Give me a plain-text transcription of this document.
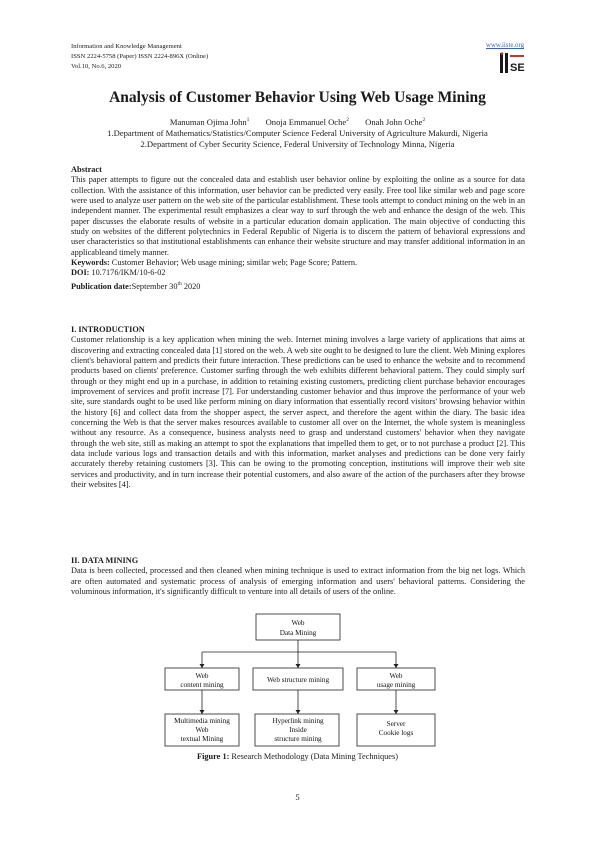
Information and Knowledge Management
ISSN 2224-5758 (Paper) ISSN 2224-896X (Online)
Vol.10, No.6, 2020
www.iiste.org
SE
Analysis of Customer Behavior Using Web Usage Mining
Manuman Ojima John$^1$ Onoja Emmanuel Oche$^2$ Onah John Oche$^2$
1.Department of Mathematics/Statistics/Computer Science Federal University of Agriculture Makurdi, Nigeria
2.Department of Cyber Security Science, Federal University of Technology Minna, Nigeria
Abstract

This paper attempts to figure out the concealed data and establish user behavior online by exploiting the online as a source for data collection. With the assistance of this information, user behavior can be predicted very easily. Free tool like similar web and page score were used to analyze user pattern on the web site of the particular establishment. These tools attempt to conduct mining on the web in an independent manner. The experimental result emphasizes a clear way to surf through the web and enhance the design of the web. This paper discusses the elaborate results of website in a particular education domain application. The main objective of conducting this study on websites of the different polytechnics in Federal Republic of Nigeria is to discern the pattern of behavioral expressions and user characteristics so that institutional establishments can enhance their website structure and may transfer additional information in an applicableand timely manner.

Keywords: Customer Behavior; Web usage mining; similar web; Page Score; Pattern.
DOI: 10.7176/IKM/10-6-02
Publication date:September 30th 2020
I. INTRODUCTION

Customer relationship is a key application when mining the web. Internet mining involves a large variety of applications that aims at discovering and extracting concealed data [1] stored on the web. A web site ought to be designed to lure the client. Web Mining explores client's behavioral pattern and predicts their future interaction. These predictions can be used to enhance the website and to recommend products based on clients' preference. Customer surfing through the web exhibits different behavioral pattern. They could simply surf through or they might end up in a purchase, in addition to retaining existing customers, predicting client purchase behavior encourages improvement of services and profit increase [7]. For understanding customer behavior and thus improve the performance of your web site, sure standards ought to be used like perform mining on diary information that essentially record visitors' browsing behavior within the history [6] and collect data from the shopper aspect, the server aspect, and therefore the agent within the diary. The basic idea concerning the Web is that the server makes resources available to customer all over on the Internet, the whole system is meaningless without any resource. As a consequence, business analysts need to grasp and understand customers' behavior when they navigate through the web site, still as making an attempt to spot the explanations that impelled them to get, or to not purchase a product [2]. This data include various logs and transaction details and with this information, market analyses and predictions can be done very fairly accurately thereby retaining customers [3]. This can be owing to the promoting conception, institutions will improve their web site services and productivity, and in turn increase their potential customers, and also aware of the action of the purchasers after they browse their websites [4].

II. DATA MINING

Data is been collected, processed and then cleaned when mining technique is used to extract information from the big net logs. Which are often automated and systematic process of analysis of emerging information and users' behavioral patterns. Considering the voluminous information, it's significantly difficult to venture into all details of users of the online.

Web
Data Mining
Web
content mining
Web structure mining	Web
usage mining
Multimedia mining
Web
textual Mining
Hyperlink mining
Inside
structure mining
Server
Cookie logs
Figure 1: Research Methodology (Data Mining Techniques)
5
